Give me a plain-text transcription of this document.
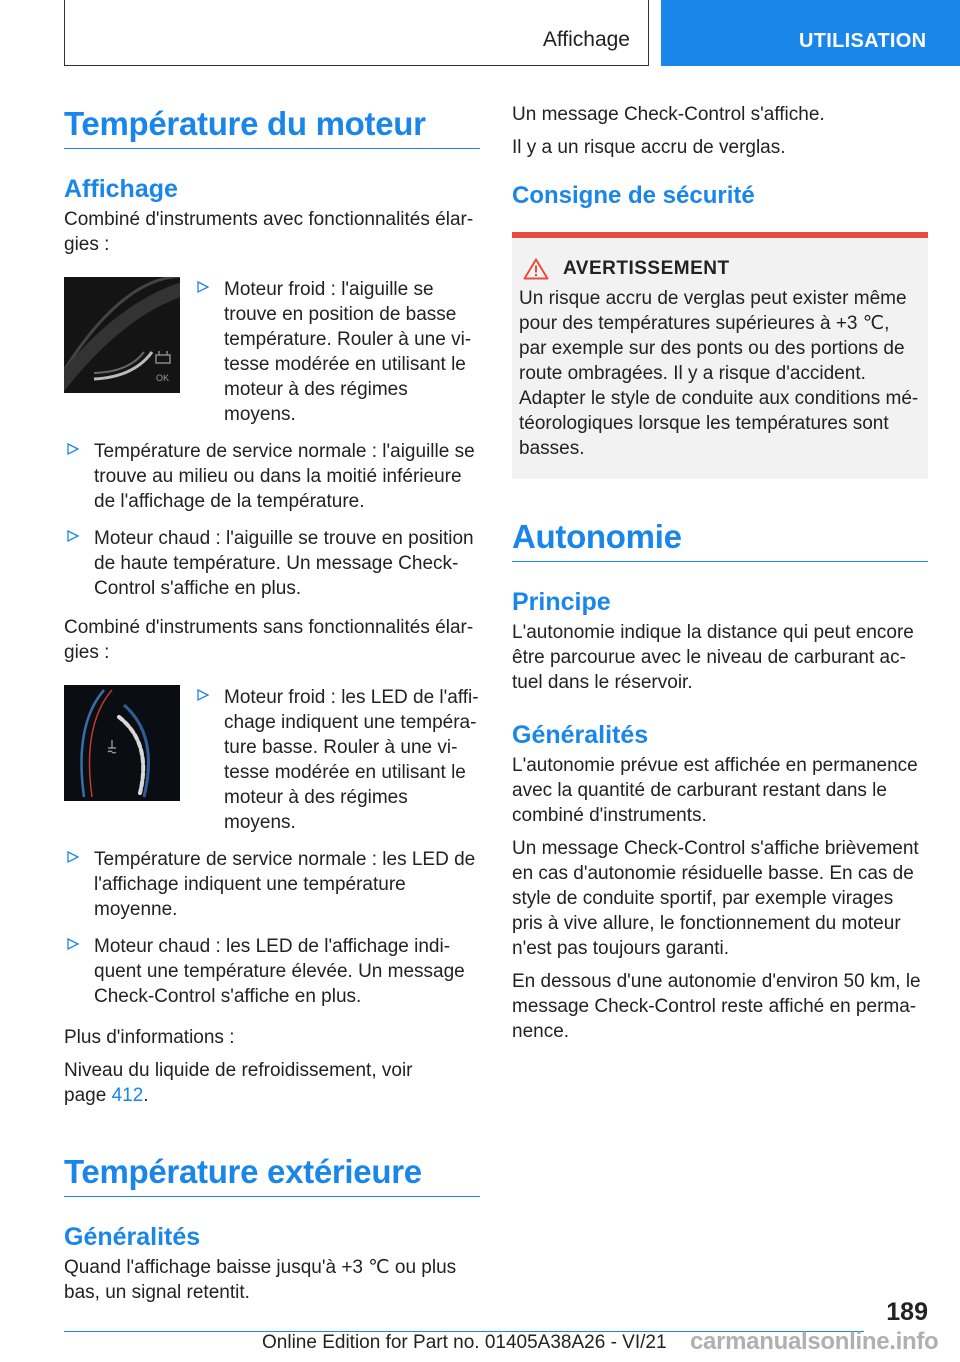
Affichage	UTILISATION
Température du moteur
Affichage

Combiné d'instruments avec fonctionnalités élar-gies :

OK
Moteur froid : l'aiguille se trouve en position de basse température. Rouler à une vi-tesse modérée en utilisant le moteur à des régimes moyens.
Température de service normale : l'aiguille se trouve au milieu ou dans la moitié inférieure de l'affichage de la température.
Moteur chaud : l'aiguille se trouve en position de haute température. Un message Check-Control s'affiche en plus.

Combiné d'instruments sans fonctionnalités élar-gies :

Moteur froid : les LED de l'affi-chage indiquent une tempéra-ture basse. Rouler à une vi-tesse modérée en utilisant le moteur à des régimes moyens.
Température de service normale : les LED de l'affichage indiquent une température moyenne.
Moteur chaud : les LED de l'affichage indi-quent une température élevée. Un message Check-Control s'affiche en plus.

Plus d'informations :

Niveau du liquide de refroidissement, voir
page 412.

Température extérieure
Généralités

Quand l'affichage baisse jusqu'à +3 ℃ ou plus bas, un signal retentit.

Un message Check-Control s'affiche.

Il y a un risque accru de verglas.

Consigne de sécurité
AVERTISSEMENT

Un risque accru de verglas peut exister même pour des températures supérieures à +3 ℃, par exemple sur des ponts ou des portions de route ombragées. Il y a risque d'accident.

Adapter le style de conduite aux conditions mé-téorologiques lorsque les températures sont basses.

Autonomie
Principe

L'autonomie indique la distance qui peut encore être parcourue avec le niveau de carburant ac-tuel dans le réservoir.

Généralités

L'autonomie prévue est affichée en permanence avec la quantité de carburant restant dans le combiné d'instruments.

Un message Check-Control s'affiche brièvement en cas d'autonomie résiduelle basse. En cas de style de conduite sportif, par exemple virages pris à vive allure, le fonctionnement du moteur n'est pas toujours garanti.

En dessous d'une autonomie d'environ 50 km, le message Check-Control reste affiché en perma-nence.

189
Online Edition for Part no. 01405A38A26 - VI/21 carmanualsonline.info
